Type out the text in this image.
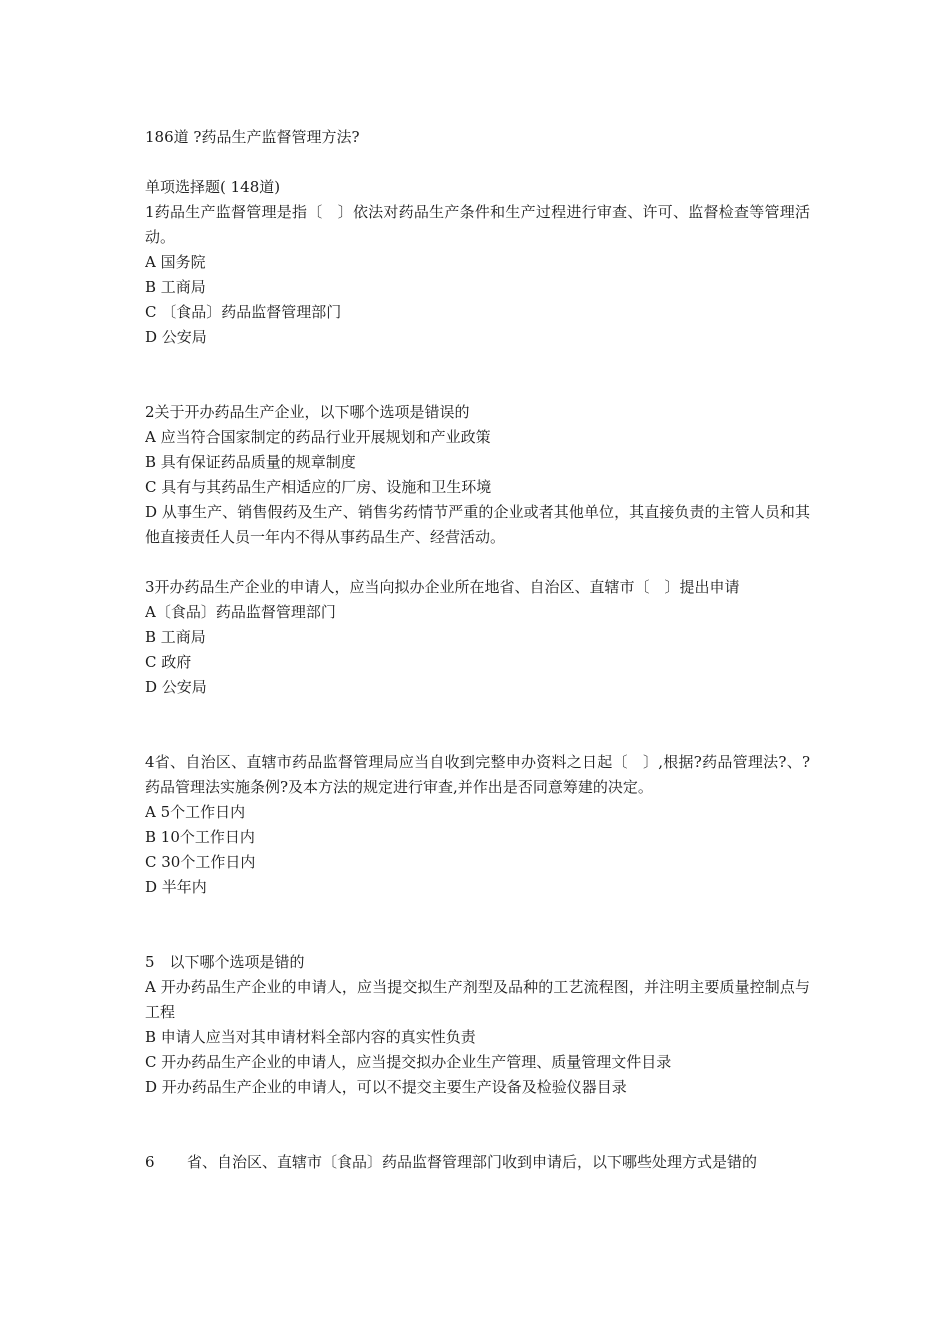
186道 ?药品生产监督管理方法?
单项选择题( 148道)
1药品生产监督管理是指〔　〕依法对药品生产条件和生产过程进行审查、许可、监督检查等管理活动。
A 国务院
B 工商局
C 〔食品〕药品监督管理部门
D 公安局
2关于开办药品生产企业，以下哪个选项是错误的
A 应当符合国家制定的药品行业开展规划和产业政策
B 具有保证药品质量的规章制度
C 具有与其药品生产相适应的厂房、设施和卫生环境
D 从事生产、销售假药及生产、销售劣药情节严重的企业或者其他单位，其直接负责的主管人员和其他直接责任人员一年内不得从事药品生产、经营活动。
3开办药品生产企业的申请人，应当向拟办企业所在地省、自治区、直辖市〔　〕提出申请
A〔食品〕药品监督管理部门
B 工商局
C 政府
D 公安局
4省、自治区、直辖市药品监督管理局应当自收到完整申办资料之日起〔　〕,根据?药品管理法?、?药品管理法实施条例?及本方法的规定进行审查,并作出是否同意筹建的决定。
A 5个工作日内
B 10个工作日内
C 30个工作日内
D 半年内
5　以下哪个选项是错的
A 开办药品生产企业的申请人，应当提交拟生产剂型及品种的工艺流程图，并注明主要质量控制点与工程
B 申请人应当对其申请材料全部内容的真实性负责
C 开办药品生产企业的申请人，应当提交拟办企业生产管理、质量管理文件目录
D 开办药品生产企业的申请人，可以不提交主要生产设备及检验仪器目录
6	省、自治区、直辖市〔食品〕药品监督管理部门收到申请后，以下哪些处理方式是错的
